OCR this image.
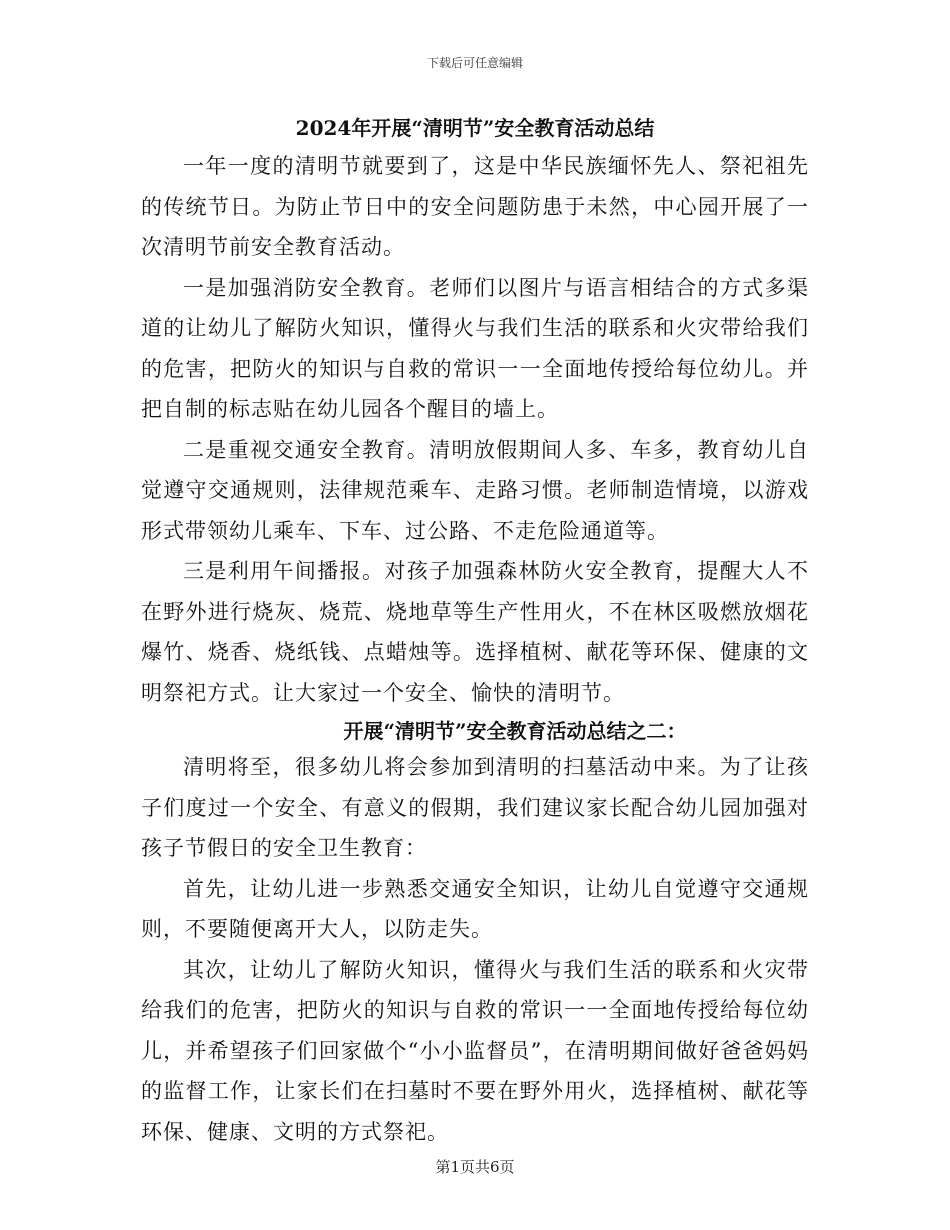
下载后可任意编辑
2024年开展“清明节”安全教育活动总结

一年一度的清明节就要到了，这是中华民族缅怀先人、祭祀祖先的传统节日。为防止节日中的安全问题防患于未然，中心园开展了一次清明节前安全教育活动。

一是加强消防安全教育。老师们以图片与语言相结合的方式多渠道的让幼儿了解防火知识，懂得火与我们生活的联系和火灾带给我们的危害，把防火的知识与自救的常识一一全面地传授给每位幼儿。并把自制的标志贴在幼儿园各个醒目的墙上。

二是重视交通安全教育。清明放假期间人多、车多，教育幼儿自觉遵守交通规则，法律规范乘车、走路习惯。老师制造情境，以游戏形式带领幼儿乘车、下车、过公路、不走危险通道等。

三是利用午间播报。对孩子加强森林防火安全教育，提醒大人不在野外进行烧灰、烧荒、烧地草等生产性用火，不在林区吸燃放烟花爆竹、烧香、烧纸钱、点蜡烛等。选择植树、献花等环保、健康的文明祭祀方式。让大家过一个安全、愉快的清明节。

开展“清明节”安全教育活动总结之二：

清明将至，很多幼儿将会参加到清明的扫墓活动中来。为了让孩子们度过一个安全、有意义的假期，我们建议家长配合幼儿园加强对孩子节假日的安全卫生教育：

首先，让幼儿进一步熟悉交通安全知识，让幼儿自觉遵守交通规则，不要随便离开大人，以防走失。

其次，让幼儿了解防火知识，懂得火与我们生活的联系和火灾带给我们的危害，把防火的知识与自救的常识一一全面地传授给每位幼儿，并希望孩子们回家做个“小小监督员”，在清明期间做好爸爸妈妈的监督工作，让家长们在扫墓时不要在野外用火，选择植树、献花等环保、健康、文明的方式祭祀。

第1页共6页
